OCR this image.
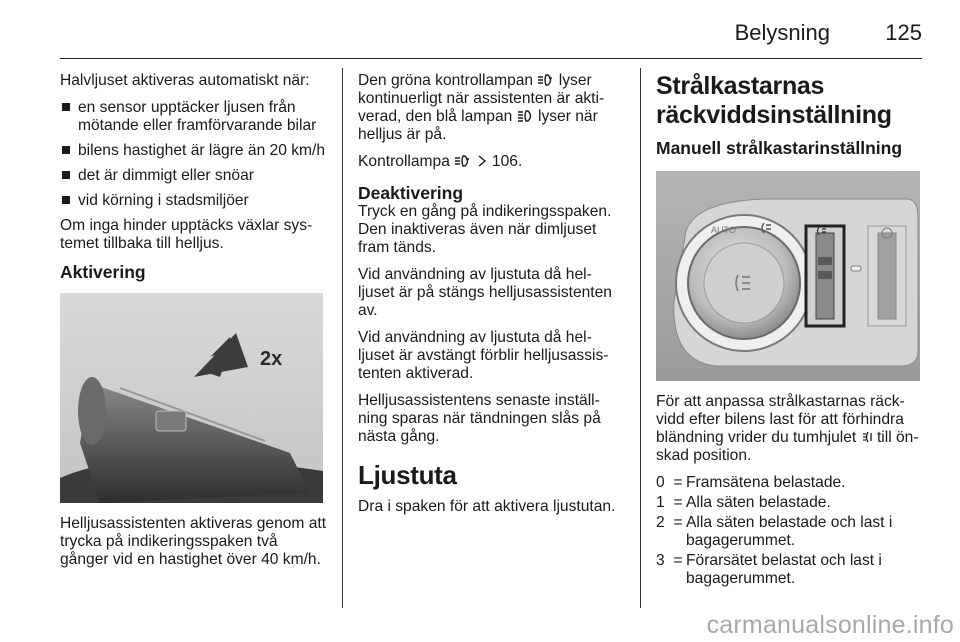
Belysning	125

Halvljuset aktiveras automatiskt när:

en sensor upptäcker ljusen från mötande eller framförvarande bilar
bilens hastighet är lägre än 20 km/h
det är dimmigt eller snöar
vid körning i stadsmiljöer

Om inga hinder upptäcks växlar sys-temet tillbaka till helljus.

Aktivering
2x

Helljusassistenten aktiveras genom att trycka på indikeringsspaken två gånger vid en hastighet över 40 km/h.

Den gröna kontrollampan lyser kontinuerligt när assistenten är akti-verad, den blå lampan lyser när helljus är på.

Kontrollampa	106.

Deaktivering

Tryck en gång på indikeringsspaken. Den inaktiveras även när dimljuset fram tänds.

Vid användning av ljustuta då hel-ljuset är på stängs helljusassistenten av.

Vid användning av ljustuta då hel-ljuset är avstängt förblir helljusassis-tenten aktiverad.

Helljusassistentens senaste inställ-ning sparas när tändningen slås på nästa gång.

Ljustuta

Dra i spaken för att aktivera ljustutan.

Strålkastarnas räckviddsinställning
Manuell strålkastarinställning
AUTO

För att anpassa strålkastarnas räck-vidd efter bilens last för att förhindra bländning vrider du tumhjulet till ön-skad position.

0 = Framsätena belastade.
1 = Alla säten belastade.
2 = Alla säten belastade och last i bagagerummet.
3 = Förarsätet belastat och last i bagagerummet.
carmanualsonline.info
